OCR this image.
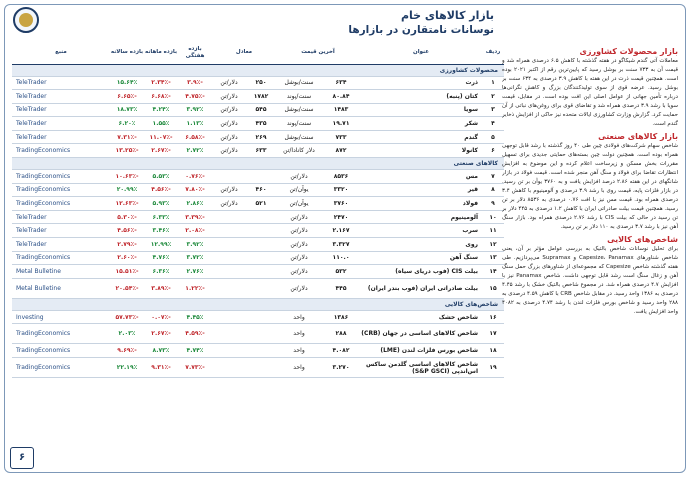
بازار کالاهای خام
نوسانات نامتقارن در بازارها
ردیف	عنوان	آخرین قیمت		معادل		بازده هفتگی	بازده ماهانه	بازده سالانه	منبع
محصولات کشاورزی									
۱	ذرت	۶۳۴	سنت/بوشل	۲۵۰	دلار/تن	-۳.۹٪	-۲.۳۴٪	۱۵.۶۴٪	TeleTrader
۲	کتان (پنبه)	۸۰.۸۴	سنت/پوند	۱۷۸۲	دلار/تن	-۴.۷۵٪	-۶.۶۸٪	-۶.۶۵٪	TeleTrader
۳	سویا	۱۴۸۳	سنت/بوشل	۵۴۵	دلار/تن	۳.۹۲٪	۴.۲۴٪	۱۸.۷۳٪	TeleTrader
۴	شکر	۱۹.۷۱	سنت/پوند	۴۳۵	دلار/تن	۱.۱۳٪	۱.۵۵٪	۶.۲۰٪	TeleTrader
۵	گندم	۷۳۳	سنت/بوشل	۲۶۹	دلار/تن	-۶.۵۸٪	-۱۱.۰۷٪	-۷.۳۱٪	TeleTrader
۶	کانولا	۸۷۲	دلار کانادا/تن	۶۳۳	دلار/تن	۲.۷۲٪	-۲.۶۷٪	-۱۳.۲۵٪	TradingEconomics
کالاهای صنعتی									
۷	مس	۸۵۳۶	دلار/تن			-۰.۷۶٪	۵.۵۳٪	-۱۰.۶۳٪	TradingEconomics
۸	قیر	۳۳۲۰	یوآن/تن	۴۶۰	دلار/تن	-۷.۸۰٪	-۴.۵۶٪	۲۰.۹۹٪	TradingEconomics
۹	فولاد	۳۷۶۰	یوآن/تن	۵۲۱	دلار/تن	۲.۸۶٪	۵.۹۳٪	-۱۲.۶۳٪	TradingEconomics
۱۰	آلومینیوم	۲۴۷۰	دلار/تن			-۳.۳۹٪	۶.۳۳٪	-۵.۳۰٪	TeleTrader
۱۱	سرب	۲.۱۶۷	دلار/تن			-۲.۰۸٪	۳.۴۶٪	-۴.۵۶٪	TeleTrader
۱۲	روی	۳.۳۲۷	دلار/تن			۳.۹۲٪	۱۲.۹۹٪	-۲.۷۹٪	TeleTrader
۱۳	سنگ آهن	۱۱۰.۰	دلار/تن			۳.۷۲٪	۴.۷۶٪	-۲.۶۰٪	TradingEconomics
۱۴	بیلت CIS (فوب دریای سیاه)	۵۳۲	دلار/تن			۲.۷۶٪	۶.۳۶٪	-۱۵.۵۱٪	Metal Bulletine
۱۵	بیلت صادراتی ایران (فوب بندر ایران)	۴۴۵	دلار/تن			-۱.۲۲٪	-۳.۸۹٪	-۲۰.۵۴٪	Metal Bulletine
شاخص‌های کالایی									
۱۶	شاخص خشک	۱۳۸۶	واحد			۴.۴۵٪	-۰.۰۷٪	-۵۷.۷۳٪	Investing
۱۷	شاخص کالاهای اساسی در جهان (CRB)	۲۸۸	واحد			-۴.۵۹٪	-۲.۶۷٪	۲.۰۳٪	TradingEconomics
۱۸	شاخص بورس فلزات لندن (LME)	۴.۰۸۲	واحد			۴.۷۴٪	۸.۷۳٪	-۹.۶۹٪	TradingEconomics
۱۹	شاخص کالاهای اساسی گلدمن ساکس اس‌اندپی (S&P GSCI)	۳.۲۷۰	واحد			-۷.۷۳٪	-۹.۳۱٪	۲۲.۱۹٪	TradingEconomics
بازار محصولات کشاورزی
معاملات آتی گندم شیکاگو در هفته گذشته با کاهش ۶.۵ درصدی همراه شد و قیمت آن به ۷۳۳ سنت بر بوشل رسید که پایین‌ترین رقم از اکتبر ۲۰۲۱ بوده است. همچنین قیمت ذرت در این هفته با کاهش ۳.۹ درصدی به ۶۳۴ سنت بر بوشل رسید. عرضه قوی از سوی تولیدکنندگان بزرگ و کاهش نگرانی‌ها درباره تأمین جهانی از عوامل اصلی این افت بوده است. در مقابل، قیمت سویا با رشد ۳.۹ درصدی همراه شد و تقاضای قوی برای روغن‌های نباتی از آن حمایت کرد. گزارش وزارت کشاورزی ایالات متحده نیز حاکی از افزایش ذخایر گندم است.
بازار کالاهای صنعتی
شاخص سهام شرکت‌های فولادی چین طی ۴۰ روز گذشته با رشد قابل توجهی همراه بوده است. همچنین دولت چین بسته‌های حمایتی جدیدی برای تسهیل مقررات بخش مسکن و زیرساخت اعلام کرده و این موضوع به افزایش انتظارات تقاضا برای فولاد و سنگ آهن منجر شده است. قیمت فولاد در بازار شانگهای در این هفته ۲.۸۶ درصد افزایش یافت و به ۳۷۶۰ یوآن بر تن رسید. در بازار فلزات پایه، قیمت روی با رشد ۳.۹ درصدی و آلومینیوم با کاهش ۳.۴ درصدی همراه بود. قیمت مس نیز با افت ۰.۷۶ درصدی به ۸۵۳۶ دلار بر تن رسید. همچنین قیمت بیلت صادراتی ایران با کاهش ۱.۲ درصدی به ۴۴۵ دلار بر تن رسید در حالی که بیلت CIS با رشد ۲.۷۶ درصدی همراه بود. بازار سنگ آهن نیز با رشد ۳.۷ درصدی به ۱۱۰ دلار بر تن رسید.
شاخص‌های کالایی
برای تحلیل نوسانات شاخص بالتیک به بررسی عوامل مؤثر بر آن، یعنی شاخص شناورهای Capesize، Panamax و Supramax می‌پردازیم. طی هفته گذشته شاخص Capesize که مجموعه‌ای از شناورهای بزرگ حمل سنگ آهن و زغال سنگ است رشد قابل توجهی داشت. شاخص Panamax نیز با افزایش ۴.۷ درصدی همراه شد. در مجموع شاخص بالتیک خشک با رشد ۴.۴۵ درصدی به ۱۳۸۶ واحد رسید. در مقابل شاخص CRB با کاهش ۴.۵۹ درصدی به ۲۸۸ واحد رسید و شاخص بورس فلزات لندن با رشد ۴.۷۴ درصدی به ۴۰۸۲ واحد افزایش یافت.
۶
